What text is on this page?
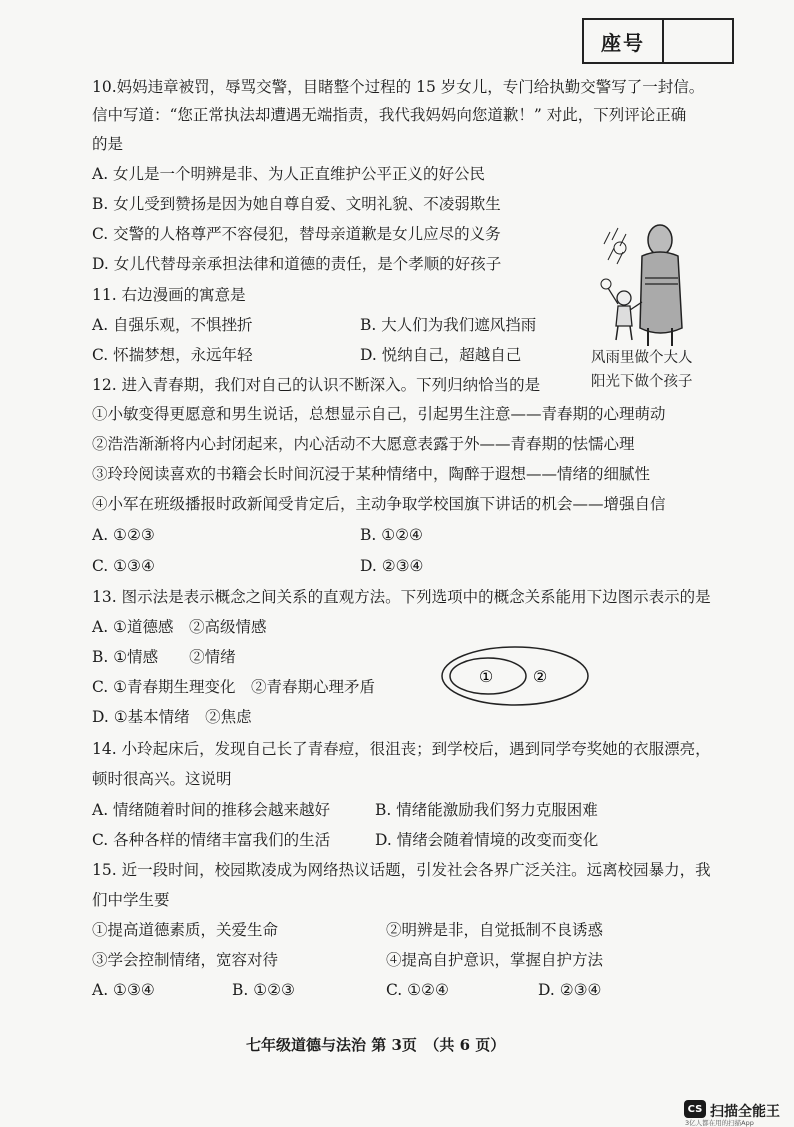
座号
10.妈妈违章被罚，辱骂交警，目睹整个过程的 15 岁女儿，专门给执勤交警写了一封信。
信中写道：“您正常执法却遭遇无端指责，我代我妈妈向您道歉！” 对此，下列评论正确
的是
A. 女儿是一个明辨是非、为人正直维护公平正义的好公民
B. 女儿受到赞扬是因为她自尊自爱、文明礼貌、不凌弱欺生
C. 交警的人格尊严不容侵犯，替母亲道歉是女儿应尽的义务
D. 女儿代替母亲承担法律和道德的责任，是个孝顺的好孩子
11. 右边漫画的寓意是
A. 自强乐观，不惧挫折	B. 大人们为我们遮风挡雨
C. 怀揣梦想，永远年轻	D. 悦纳自己，超越自己	风雨里做个大人
阳光下做个孩子
12. 进入青春期，我们对自己的认识不断深入。下列归纳恰当的是
①小敏变得更愿意和男生说话，总想显示自己，引起男生注意——青春期的心理萌动
②浩浩渐渐将内心封闭起来，内心活动不大愿意表露于外——青春期的怯懦心理
③玲玲阅读喜欢的书籍会长时间沉浸于某种情绪中，陶醉于遐想——情绪的细腻性
④小军在班级播报时政新闻受肯定后，主动争取学校国旗下讲话的机会——增强自信
A. ①②③	B. ①②④
C. ①③④	D. ②③④
13. 图示法是表示概念之间关系的直观方法。下列选项中的概念关系能用下边图示表示的是
A. ①道德感　②高级情感
B. ①情感　　②情绪
C. ①青春期生理变化　②青春期心理矛盾
D. ①基本情绪　②焦虑
① ②
14. 小玲起床后，发现自己长了青春痘，很沮丧；到学校后，遇到同学夸奖她的衣服漂亮，
顿时很高兴。这说明
A. 情绪随着时间的推移会越来越好	B. 情绪能激励我们努力克服困难
C. 各种各样的情绪丰富我们的生活	D. 情绪会随着情境的改变而变化
15. 近一段时间，校园欺凌成为网络热议话题，引发社会各界广泛关注。远离校园暴力，我
们中学生要
①提高道德素质，关爱生命	②明辨是非，自觉抵制不良诱惑
③学会控制情绪，宽容对待	④提高自护意识，掌握自护方法
A. ①③④	B. ①②③	C. ①②④	D. ②③④
七年级道德与法治 第 3页　（共 6 页）
CS 扫描全能王
3亿人都在用的扫描App
